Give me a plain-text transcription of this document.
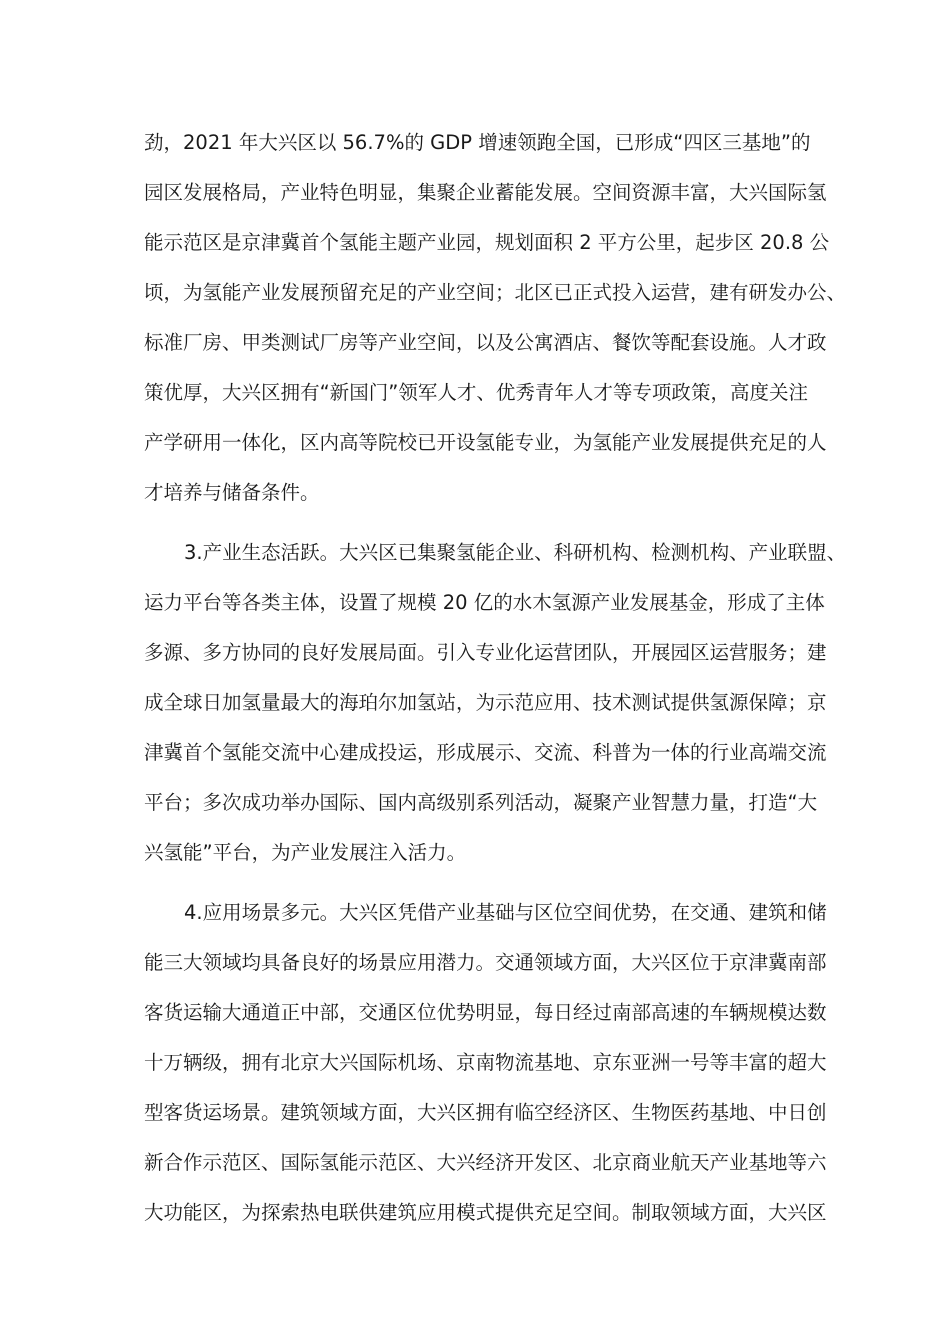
劲，2021 年大兴区以 56.7%的 GDP 增速领跑全国，已形成“四区三基地”的
园区发展格局，产业特色明显，集聚企业蓄能发展。空间资源丰富，大兴国际氢
能示范区是京津冀首个氢能主题产业园，规划面积 2 平方公里，起步区 20.8 公
顷，为氢能产业发展预留充足的产业空间；北区已正式投入运营，建有研发办公、
标准厂房、甲类测试厂房等产业空间，以及公寓酒店、餐饮等配套设施。人才政
策优厚，大兴区拥有“新国门”领军人才、优秀青年人才等专项政策，高度关注
产学研用一体化，区内高等院校已开设氢能专业，为氢能产业发展提供充足的人
才培养与储备条件。
3.产业生态活跃。大兴区已集聚氢能企业、科研机构、检测机构、产业联盟、
运力平台等各类主体，设置了规模 20 亿的水木氢源产业发展基金，形成了主体
多源、多方协同的良好发展局面。引入专业化运营团队，开展园区运营服务；建
成全球日加氢量最大的海珀尔加氢站，为示范应用、技术测试提供氢源保障；京
津冀首个氢能交流中心建成投运，形成展示、交流、科普为一体的行业高端交流
平台；多次成功举办国际、国内高级别系列活动，凝聚产业智慧力量，打造“大
兴氢能”平台，为产业发展注入活力。
4.应用场景多元。大兴区凭借产业基础与区位空间优势，在交通、建筑和储
能三大领域均具备良好的场景应用潜力。交通领域方面，大兴区位于京津冀南部
客货运输大通道正中部，交通区位优势明显，每日经过南部高速的车辆规模达数
十万辆级，拥有北京大兴国际机场、京南物流基地、京东亚洲一号等丰富的超大
型客货运场景。建筑领域方面，大兴区拥有临空经济区、生物医药基地、中日创
新合作示范区、国际氢能示范区、大兴经济开发区、北京商业航天产业基地等六
大功能区，为探索热电联供建筑应用模式提供充足空间。制取领域方面，大兴区
